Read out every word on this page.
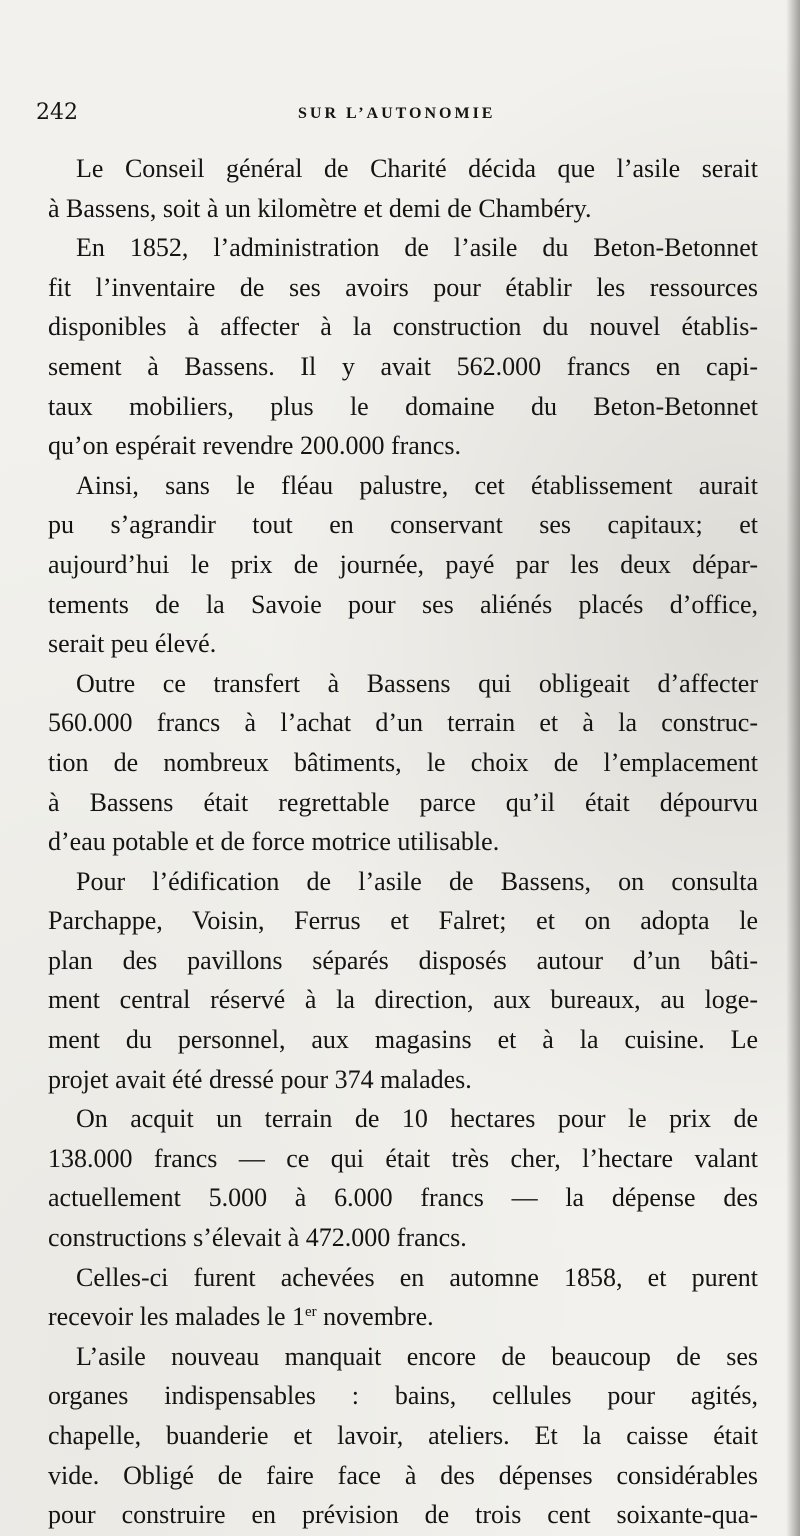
242	SUR L’AUTONOMIE
Le Conseil général de Charité décida que l’asile serait
à Bassens, soit à un kilomètre et demi de Chambéry.
En 1852, l’administration de l’asile du Beton-Betonnet
fit l’inventaire de ses avoirs pour établir les ressources
disponibles à affecter à la construction du nouvel établis-
sement à Bassens. Il y avait 562.000 francs en capi-
taux mobiliers, plus le domaine du Beton-Betonnet
qu’on espérait revendre 200.000 francs.
Ainsi, sans le fléau palustre, cet établissement aurait
pu s’agrandir tout en conservant ses capitaux; et
aujourd’hui le prix de journée, payé par les deux dépar-
tements de la Savoie pour ses aliénés placés d’office,
serait peu élevé.
Outre ce transfert à Bassens qui obligeait d’affecter
560.000 francs à l’achat d’un terrain et à la construc-
tion de nombreux bâtiments, le choix de l’emplacement
à Bassens était regrettable parce qu’il était dépourvu
d’eau potable et de force motrice utilisable.
Pour l’édification de l’asile de Bassens, on consulta
Parchappe, Voisin, Ferrus et Falret; et on adopta le
plan des pavillons séparés disposés autour d’un bâti-
ment central réservé à la direction, aux bureaux, au loge-
ment du personnel, aux magasins et à la cuisine. Le
projet avait été dressé pour 374 malades.
On acquit un terrain de 10 hectares pour le prix de
138.000 francs — ce qui était très cher, l’hectare valant
actuellement 5.000 à 6.000 francs — la dépense des
constructions s’élevait à 472.000 francs.
Celles-ci furent achevées en automne 1858, et purent
recevoir les malades le 1er novembre.
L’asile nouveau manquait encore de beaucoup de ses
organes indispensables : bains, cellules pour agités,
chapelle, buanderie et lavoir, ateliers. Et la caisse était
vide. Obligé de faire face à des dépenses considérables
pour construire en prévision de trois cent soixante-qua-
